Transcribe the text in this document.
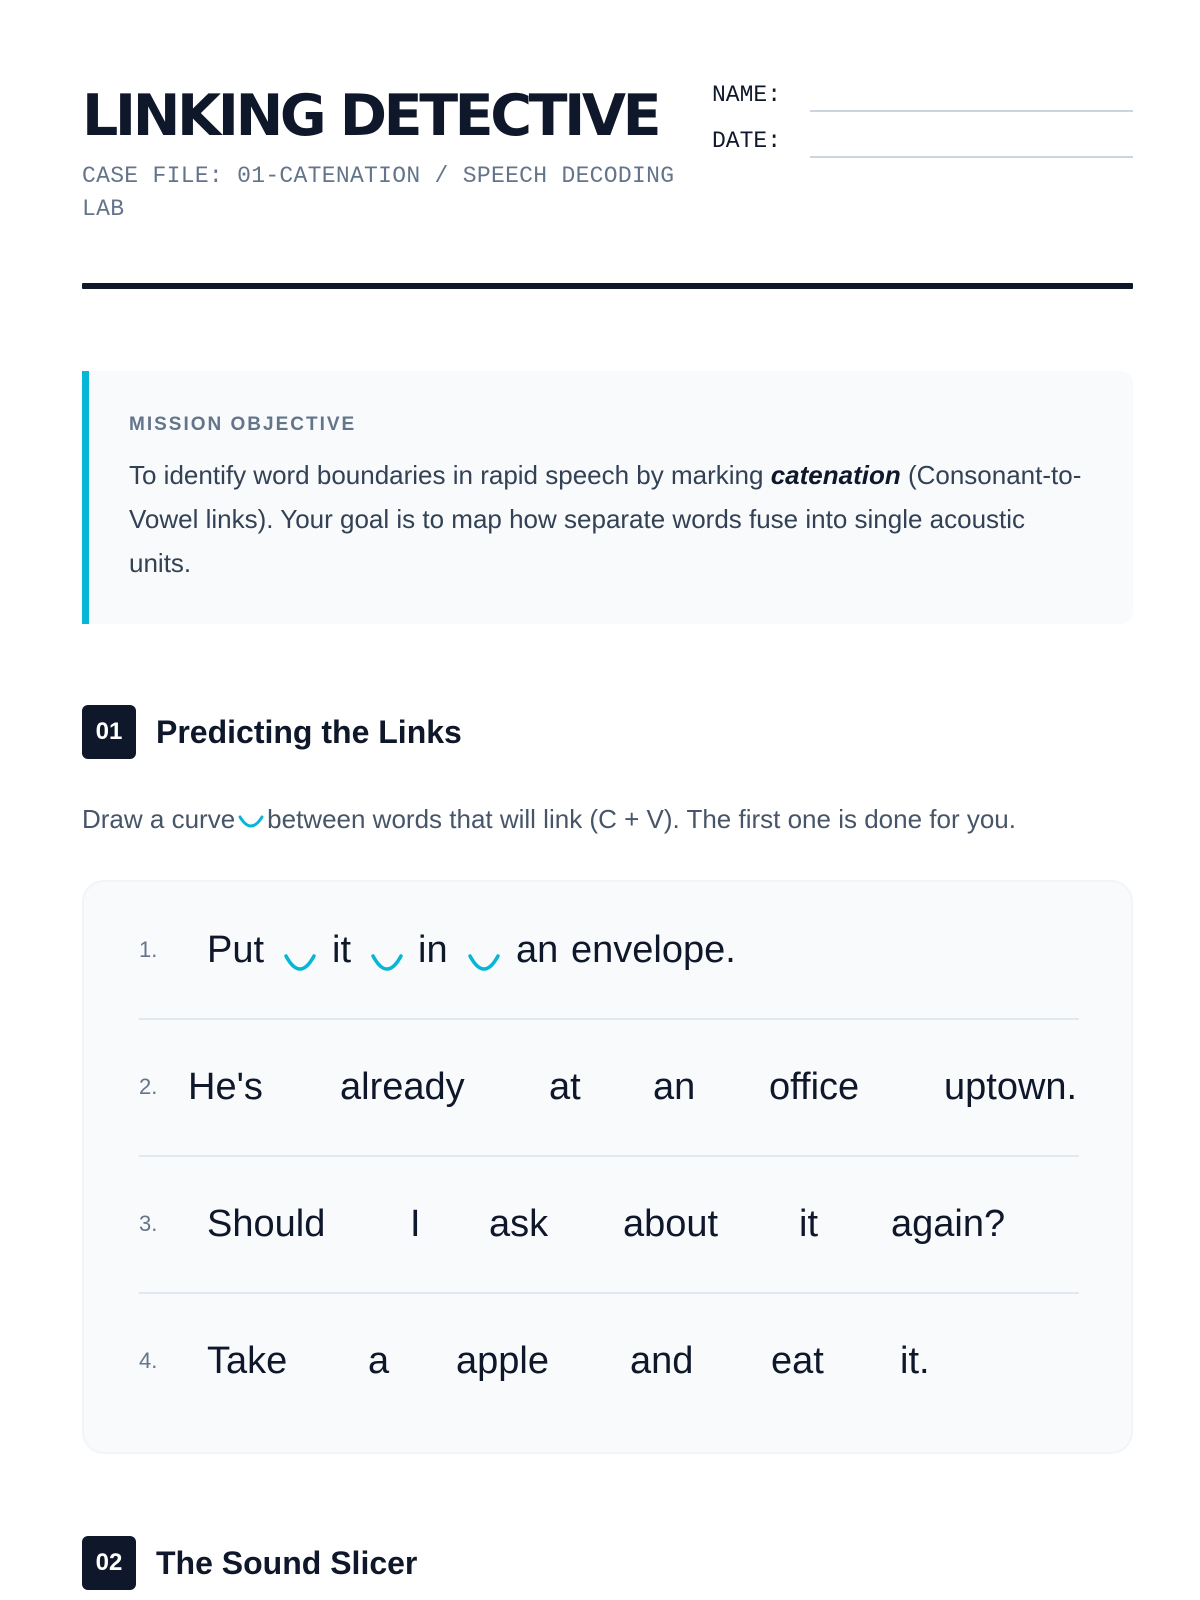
LINKING DETECTIVE
CASE FILE: 01-CATENATION / SPEECH DECODING LAB
NAME:
DATE:
MISSION OBJECTIVE
To identify word boundaries in rapid speech by marking catenation (Consonant-to-Vowel links). Your goal is to map how separate words fuse into single acoustic units.
01	Predicting the Links
Draw a curve between words that will link (C + V). The first one is done for you.
1.	Put it in an envelope.
2. He's already at an office uptown.
3.	Should I ask about it again?
4.	Take a apple and eat it.
02	The Sound Slicer
